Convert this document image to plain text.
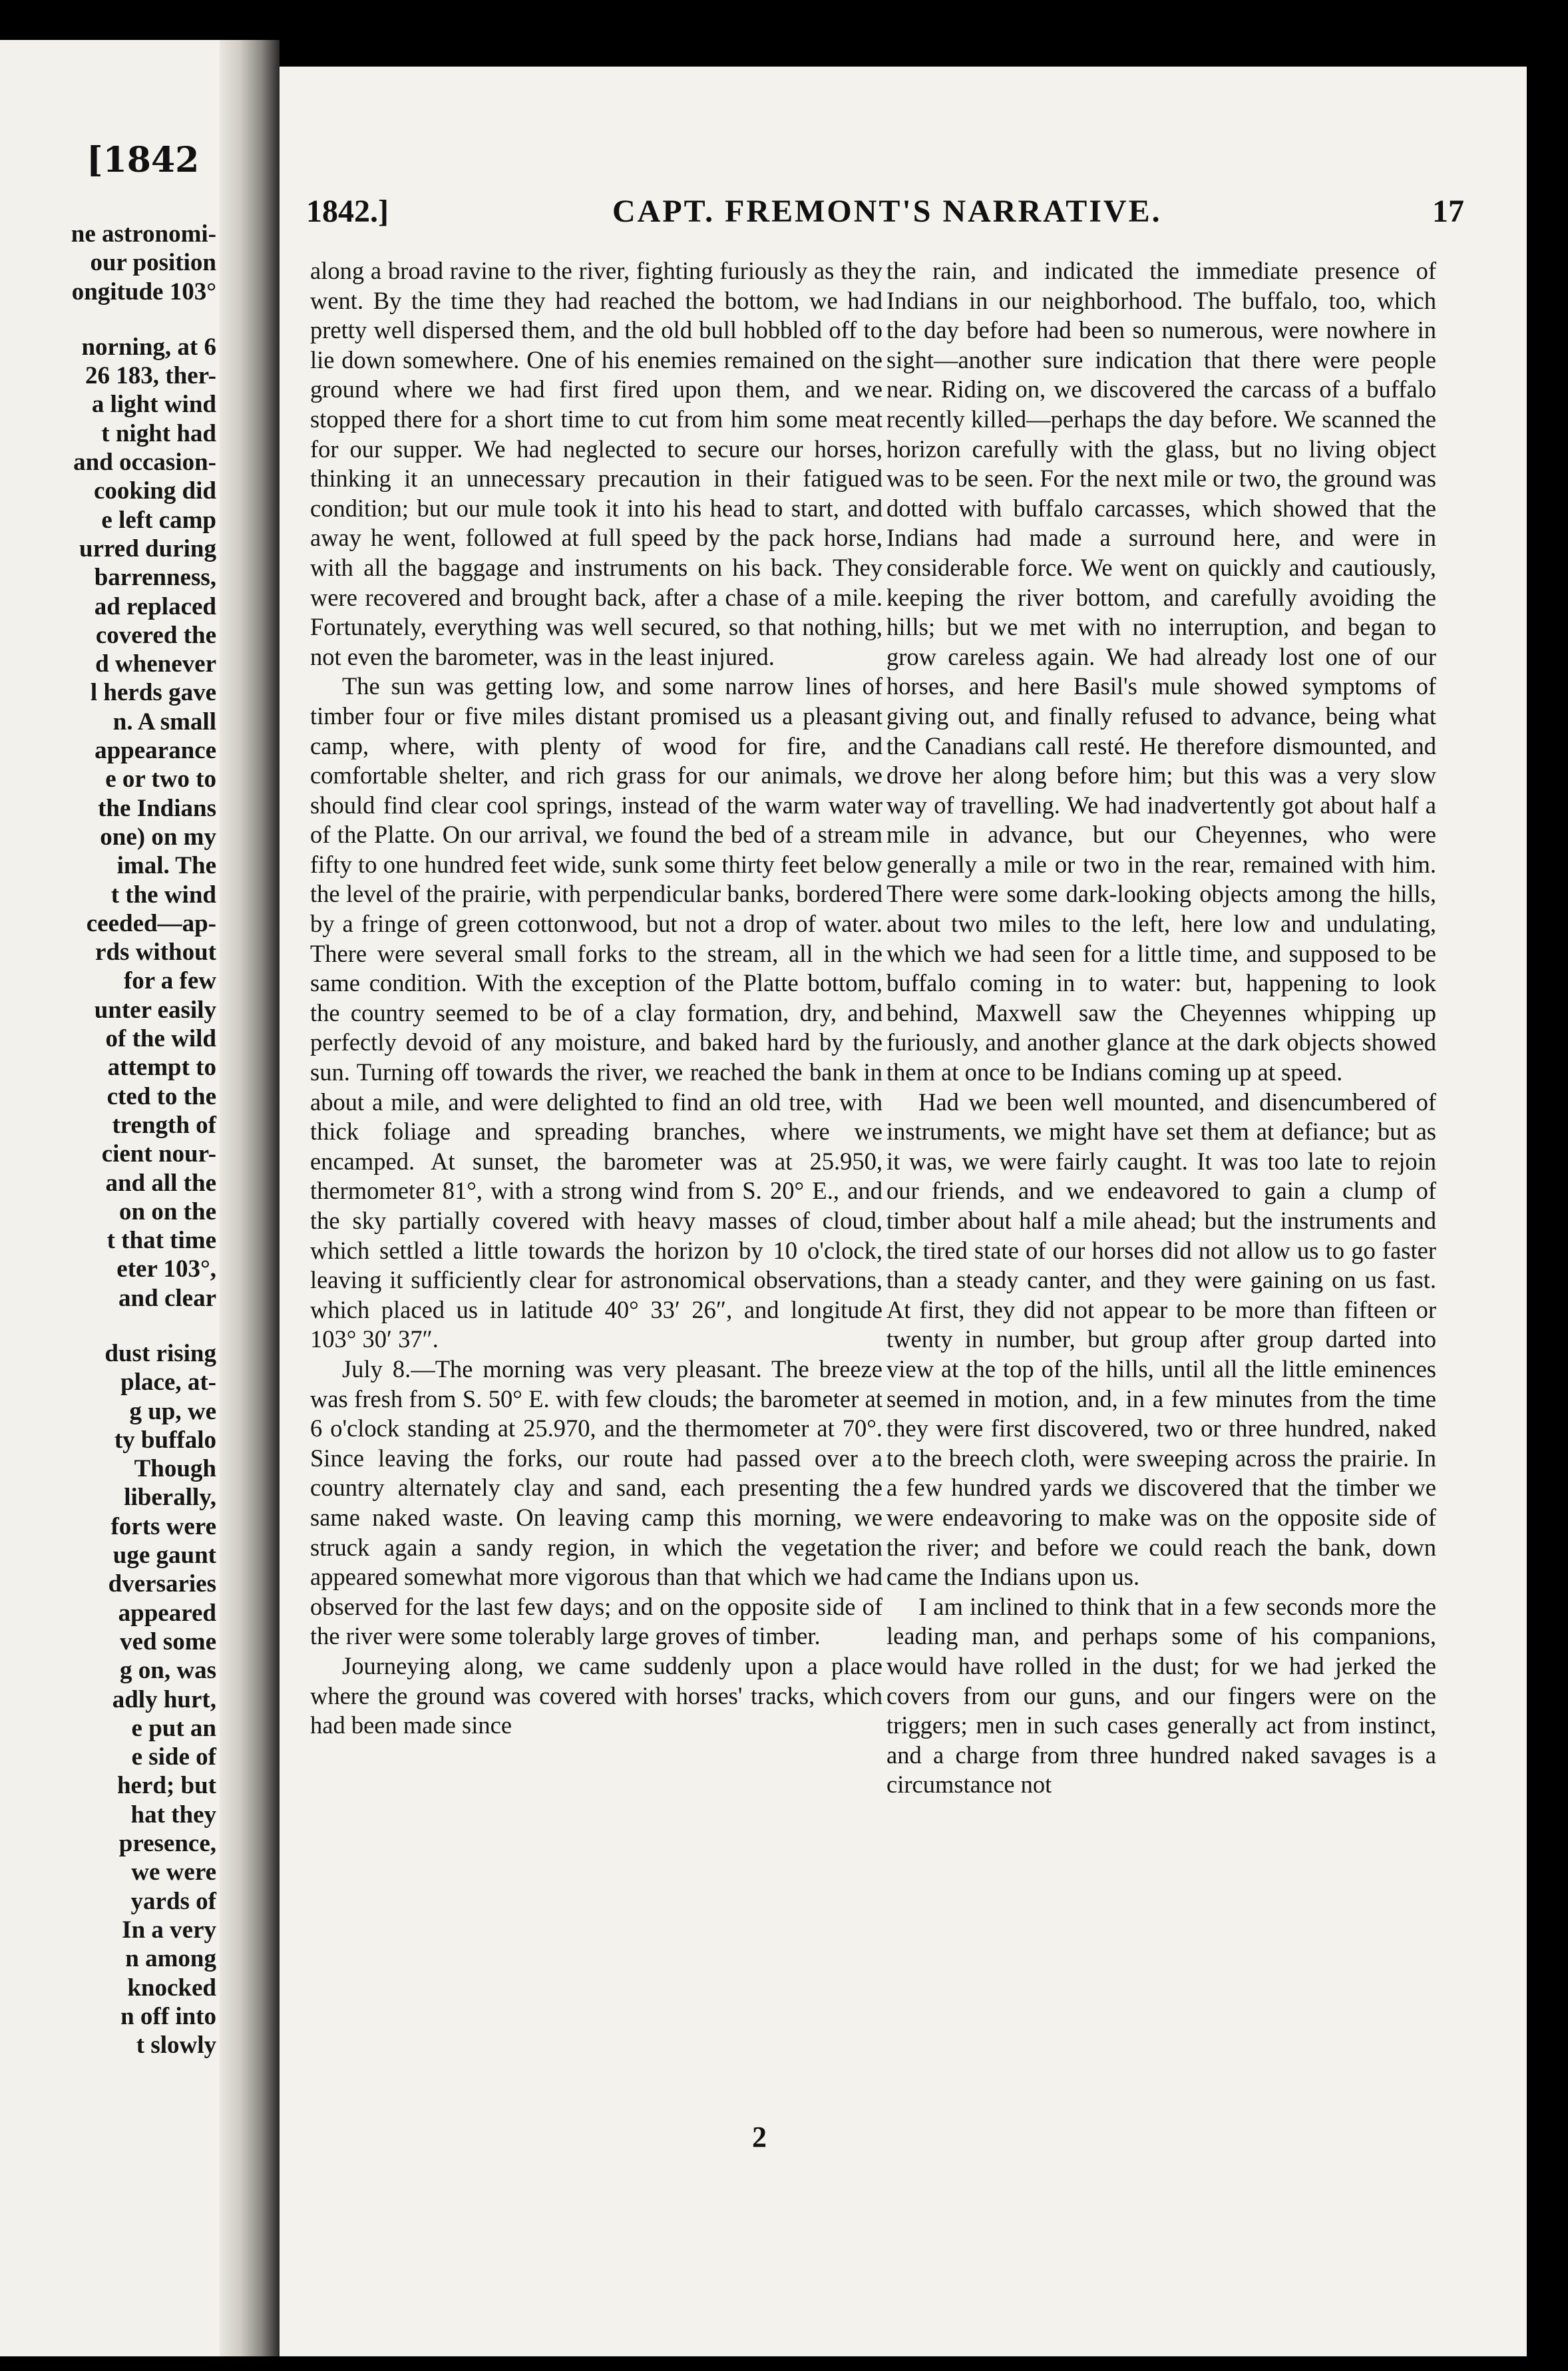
[1842
ne astronomi-
our position
ongitude 103°
norning, at 6
26 183, ther-
a light wind
t night had
and occasion-
cooking did
e left camp
urred during
barrenness,
ad replaced
covered the
d whenever
l herds gave
n. A small
appearance
e or two to
the Indians
one) on my
imal. The
t the wind
ceeded—ap-
rds without
for a few
unter easily
of the wild
attempt to
cted to the
trength of
cient nour-
and all the
on on the
t that time
eter 103°,
and clear
dust rising
place, at-
g up, we
ty buffalo
Though
liberally,
forts were
uge gaunt
dversaries
appeared
ved some
g on, was
adly hurt,
e put an
e side of
herd; but
hat they
presence,
we were
yards of
In a very
n among
knocked
n off into
t slowly
1842.]	CAPT. FREMONT'S NARRATIVE.	17

along a broad ravine to the river, fighting furiously as they went. By the time they had reached the bottom, we had pretty well dispersed them, and the old bull hobbled off to lie down somewhere. One of his enemies remained on the ground where we had first fired upon them, and we stopped there for a short time to cut from him some meat for our supper. We had neglected to secure our horses, thinking it an unnecessary precaution in their fatigued condition; but our mule took it into his head to start, and away he went, followed at full speed by the pack horse, with all the baggage and instruments on his back. They were recovered and brought back, after a chase of a mile. Fortunately, everything was well secured, so that nothing, not even the barometer, was in the least injured.

The sun was getting low, and some narrow lines of timber four or five miles distant promised us a pleasant camp, where, with plenty of wood for fire, and comfortable shelter, and rich grass for our animals, we should find clear cool springs, instead of the warm water of the Platte. On our arrival, we found the bed of a stream fifty to one hundred feet wide, sunk some thirty feet below the level of the prairie, with perpendicular banks, bordered by a fringe of green cottonwood, but not a drop of water. There were several small forks to the stream, all in the same condition. With the exception of the Platte bottom, the country seemed to be of a clay formation, dry, and perfectly devoid of any moisture, and baked hard by the sun. Turning off towards the river, we reached the bank in about a mile, and were delighted to find an old tree, with thick foliage and spreading branches, where we encamped. At sunset, the barometer was at 25.950, thermometer 81°, with a strong wind from S. 20° E., and the sky partially covered with heavy masses of cloud, which settled a little towards the horizon by 10 o'clock, leaving it sufficiently clear for astronomical observations, which placed us in latitude 40° 33′ 26″, and longitude 103° 30′ 37″.

July 8.—The morning was very pleasant. The breeze was fresh from S. 50° E. with few clouds; the barometer at 6 o'clock standing at 25.970, and the thermometer at 70°. Since leaving the forks, our route had passed over a country alternately clay and sand, each presenting the same naked waste. On leaving camp this morning, we struck again a sandy region, in which the vegetation appeared somewhat more vigorous than that which we had observed for the last few days; and on the opposite side of the river were some tolerably large groves of timber.

Journeying along, we came suddenly upon a place where the ground was covered with horses' tracks, which had been made since

the rain, and indicated the immediate presence of Indians in our neighborhood. The buffalo, too, which the day before had been so numerous, were nowhere in sight—another sure indication that there were people near. Riding on, we discovered the carcass of a buffalo recently killed—perhaps the day before. We scanned the horizon carefully with the glass, but no living object was to be seen. For the next mile or two, the ground was dotted with buffalo carcasses, which showed that the Indians had made a surround here, and were in considerable force. We went on quickly and cautiously, keeping the river bottom, and carefully avoiding the hills; but we met with no interruption, and began to grow careless again. We had already lost one of our horses, and here Basil's mule showed symptoms of giving out, and finally refused to advance, being what the Canadians call resté. He therefore dismounted, and drove her along before him; but this was a very slow way of travelling. We had inadvertently got about half a mile in advance, but our Cheyennes, who were generally a mile or two in the rear, remained with him. There were some dark-looking objects among the hills, about two miles to the left, here low and undulating, which we had seen for a little time, and supposed to be buffalo coming in to water: but, happening to look behind, Maxwell saw the Cheyennes whipping up furiously, and another glance at the dark objects showed them at once to be Indians coming up at speed.

Had we been well mounted, and disencumbered of instruments, we might have set them at defiance; but as it was, we were fairly caught. It was too late to rejoin our friends, and we endeavored to gain a clump of timber about half a mile ahead; but the instruments and the tired state of our horses did not allow us to go faster than a steady canter, and they were gaining on us fast. At first, they did not appear to be more than fifteen or twenty in number, but group after group darted into view at the top of the hills, until all the little eminences seemed in motion, and, in a few minutes from the time they were first discovered, two or three hundred, naked to the breech cloth, were sweeping across the prairie. In a few hundred yards we discovered that the timber we were endeavoring to make was on the opposite side of the river; and before we could reach the bank, down came the Indians upon us.

I am inclined to think that in a few seconds more the leading man, and perhaps some of his companions, would have rolled in the dust; for we had jerked the covers from our guns, and our fingers were on the triggers; men in such cases generally act from instinct, and a charge from three hundred naked savages is a circumstance not

2
